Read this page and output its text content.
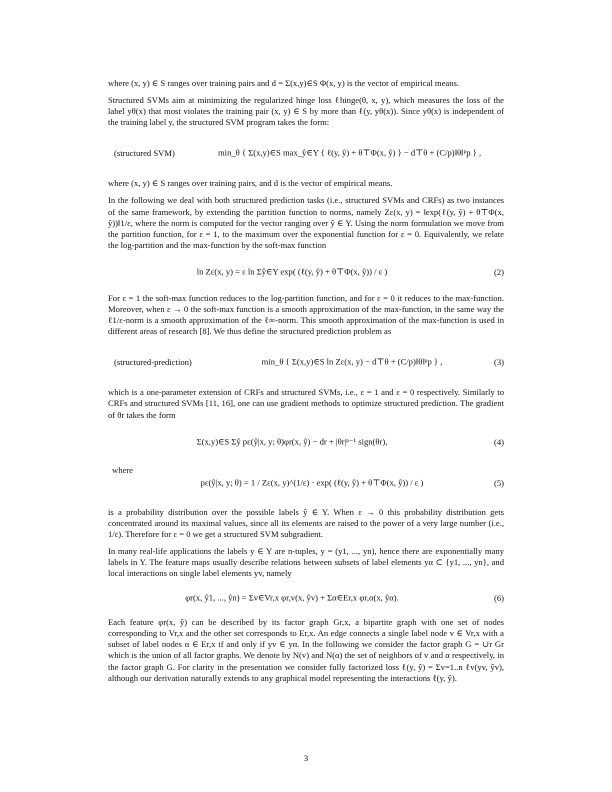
where (x, y) ∈ S ranges over training pairs and d = Σ(x,y)∈S Φ(x, y) is the vector of empirical means.

Structured SVMs aim at minimizing the regularized hinge loss ℓhinge(θ, x, y), which measures the loss of the label yθ(x) that most violates the training pair (x, y) ∈ S by more than ℓ(y, yθ(x)). Since yθ(x) is independent of the training label y, the structured SVM program takes the form:

(structured SVM)	min_θ { Σ(x,y)∈S max_ŷ∈Y { ℓ(y, ŷ) + θ⊤Φ(x, ŷ) } − d⊤θ + (C/p)‖θ‖ᵖp } ,

where (x, y) ∈ S ranges over training pairs, and d is the vector of empirical means.

In the following we deal with both structured prediction tasks (i.e., structured SVMs and CRFs) as two instances of the same framework, by extending the partition function to norms, namely Zε(x, y) = ‖exp(ℓ(y, ŷ) + θ⊤Φ(x, ŷ))‖1/ε, where the norm is computed for the vector ranging over ŷ ∈ Y. Using the norm formulation we move from the partition function, for ε = 1, to the maximum over the exponential function for ε = 0. Equivalently, we relate the log-partition and the max-function by the soft-max function

ln Zε(x, y) = ε ln Σŷ∈Y exp( (ℓ(y, ŷ) + θ⊤Φ(x, ŷ)) / ε )	(2)

For ε = 1 the soft-max function reduces to the log-partition function, and for ε = 0 it reduces to the max-function. Moreover, when ε → 0 the soft-max function is a smooth approximation of the max-function, in the same way the ℓ1/ε-norm is a smooth approximation of the ℓ∞-norm. This smooth approximation of the max-function is used in different areas of research [8]. We thus define the structured prediction problem as

(structured-prediction)	min_θ { Σ(x,y)∈S ln Zε(x, y) − d⊤θ + (C/p)‖θ‖ᵖp } ,	(3)

which is a one-parameter extension of CRFs and structured SVMs, i.e., ε = 1 and ε = 0 respectively. Similarly to CRFs and structured SVMs [11, 16], one can use gradient methods to optimize structured prediction. The gradient of θr takes the form

Σ(x,y)∈S Σŷ pε(ŷ|x, y; θ)φr(x, ŷ) − dr + |θr|ᵖ⁻¹ sign(θr),	(4)
where
pε(ŷ|x, y; θ) = 1 / Zε(x, y)^(1/ε) · exp( (ℓ(y, ŷ) + θ⊤Φ(x, ŷ)) / ε )	(5)

is a probability distribution over the possible labels ŷ ∈ Y. When ε → 0 this probability distribution gets concentrated around its maximal values, since all its elements are raised to the power of a very large number (i.e., 1/ε). Therefore for ε = 0 we get a structured SVM subgradient.

In many real-life applications the labels y ∈ Y are n-tuples, y = (y1, ..., yn), hence there are exponentially many labels in Y. The feature maps usually describe relations between subsets of label elements yα ⊂ {y1, ..., yn}, and local interactions on single label elements yv, namely

φr(x, ŷ1, ..., ŷn) = Σv∈Vr,x φr,v(x, ŷv) + Σα∈Er,x φr,α(x, ŷα).	(6)

Each feature φr(x, ŷ) can be described by its factor graph Gr,x, a bipartite graph with one set of nodes corresponding to Vr,x and the other set corresponds to Er,x. An edge connects a single label node v ∈ Vr,x with a subset of label nodes α ∈ Er,x if and only if yv ∈ yα. In the following we consider the factor graph G = ∪r Gr which is the union of all factor graphs. We denote by N(v) and N(α) the set of neighbors of v and α respectively, in the factor graph G. For clarity in the presentation we consider fully factorized loss ℓ(y, ŷ) = Σv=1..n ℓv(yv, ŷv), although our derivation naturally extends to any graphical model representing the interactions ℓ(y, ŷ).

3
